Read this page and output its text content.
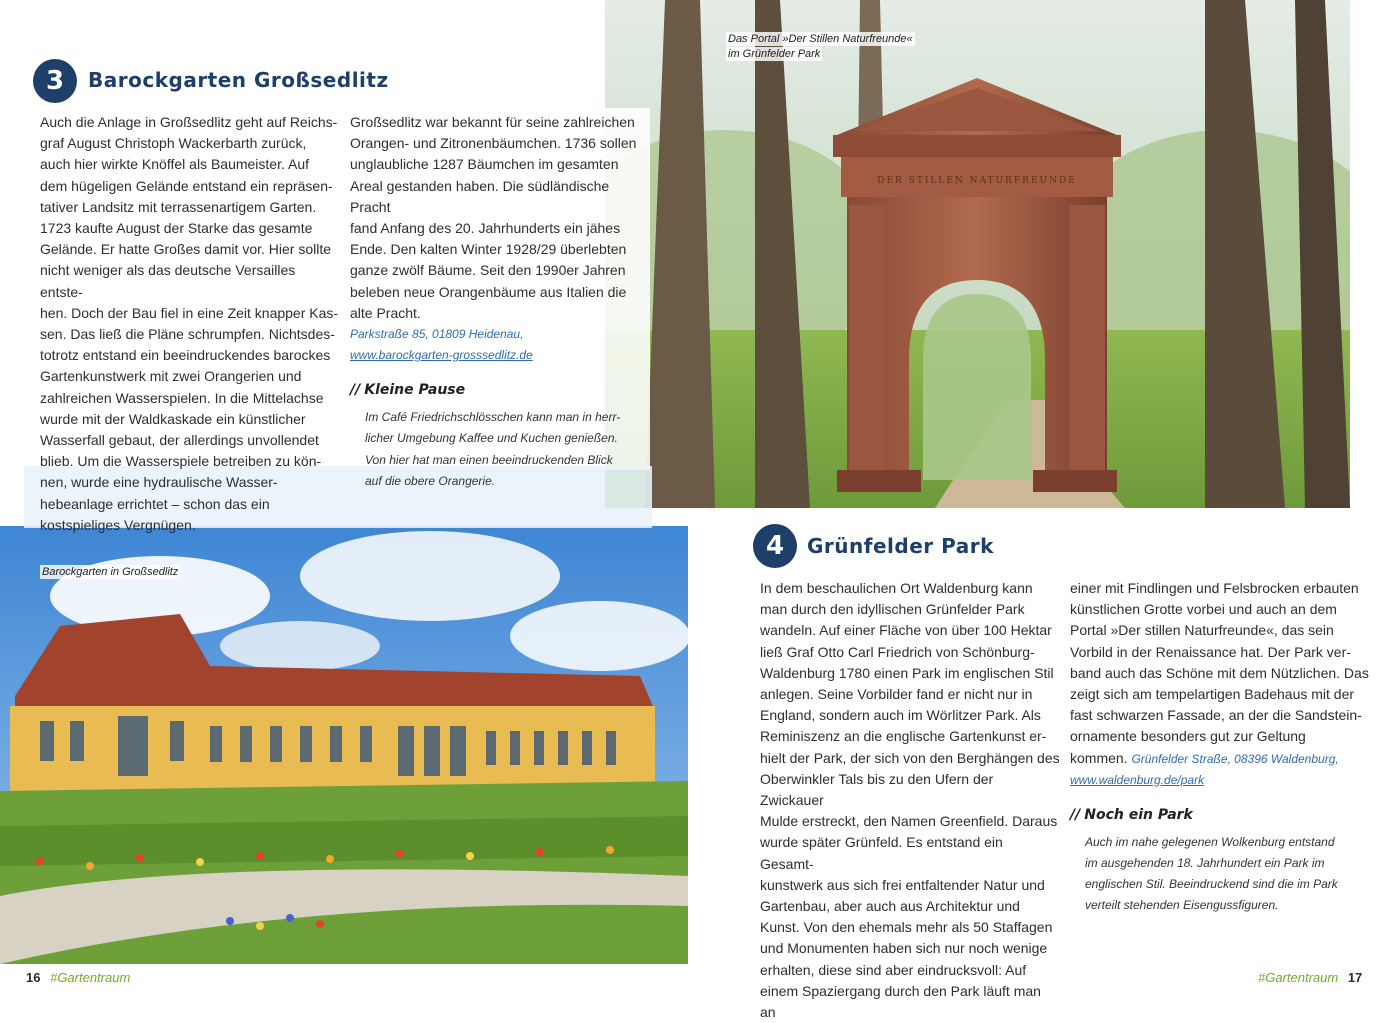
DER STILLEN NATURFREUNDE
Das Portal »Der Stillen Naturfreunde«
im Grünfelder Park
Barockgarten in Großsedlitz
3	Barockgarten Großsedlitz

Auch die Anlage in Großsedlitz geht auf Reichs-

graf August Christoph Wackerbarth zurück,

auch hier wirkte Knöffel als Baumeister. Auf

dem hügeligen Gelände entstand ein repräsen-

tativer Landsitz mit terrassenartigem Garten.

1723 kaufte August der Starke das gesamte

Gelände. Er hatte Großes damit vor. Hier sollte

nicht weniger als das deutsche Versailles entste-

hen. Doch der Bau fiel in eine Zeit knapper Kas-

sen. Das ließ die Pläne schrumpfen. Nichtsdes-

totrotz entstand ein beeindruckendes barockes

Gartenkunstwerk mit zwei Orangerien und

zahlreichen Wasserspielen. In die Mittelachse

wurde mit der Waldkaskade ein künstlicher

Wasserfall gebaut, der allerdings unvollendet

blieb. Um die Wasserspiele betreiben zu kön-

nen, wurde eine hydraulische Wasser-

hebeanlage errichtet – schon das ein

kostspieliges Vergnügen.

Großsedlitz war bekannt für seine zahlreichen

Orangen- und Zitronenbäumchen. 1736 sollen

unglaubliche 1287 Bäumchen im gesamten

Areal gestanden haben. Die südländische Pracht

fand Anfang des 20. Jahrhunderts ein jähes

Ende. Den kalten Winter 1928/29 überlebten

ganze zwölf Bäume. Seit den 1990er Jahren

beleben neue Orangenbäume aus Italien die

alte Pracht.

Parkstraße 85, 01809 Heidenau,
www.barockgarten-grosssedlitz.de
// Kleine Pause
Im Café Friedrichschlösschen kann man in herr-
licher Umgebung Kaffee und Kuchen genießen.
Von hier hat man einen beeindruckenden Blick
auf die obere Orangerie.
4	Grünfelder Park

In dem beschaulichen Ort Waldenburg kann

man durch den idyllischen Grünfelder Park

wandeln. Auf einer Fläche von über 100 Hektar

ließ Graf Otto Carl Friedrich von Schönburg-

Waldenburg 1780 einen Park im englischen Stil

anlegen. Seine Vorbilder fand er nicht nur in

England, sondern auch im Wörlitzer Park. Als

Reminiszenz an die englische Gartenkunst er-

hielt der Park, der sich von den Berghängen des

Oberwinkler Tals bis zu den Ufern der Zwickauer

Mulde erstreckt, den Namen Greenfield. Daraus

wurde später Grünfeld. Es entstand ein Gesamt-

kunstwerk aus sich frei entfaltender Natur und

Gartenbau, aber auch aus Architektur und

Kunst. Von den ehemals mehr als 50 Staffagen

und Monumenten haben sich nur noch wenige

erhalten, diese sind aber eindrucksvoll: Auf

einem Spaziergang durch den Park läuft man an

einer mit Findlingen und Felsbrocken erbauten

künstlichen Grotte vorbei und auch an dem

Portal »Der stillen Naturfreunde«, das sein

Vorbild in der Renaissance hat. Der Park ver-

band auch das Schöne mit dem Nützlichen. Das

zeigt sich am tempelartigen Badehaus mit der

fast schwarzen Fassade, an der die Sandstein-

ornamente besonders gut zur Geltung

kommen. Grünfelder Straße, 08396 Waldenburg,

www.waldenburg.de/park
// Noch ein Park
Auch im nahe gelegenen Wolkenburg entstand
im ausgehenden 18. Jahrhundert ein Park im
englischen Stil. Beeindruckend sind die im Park
verteilt stehenden Eisengussfiguren.
16 #Gartentraum	#Gartentraum 17
